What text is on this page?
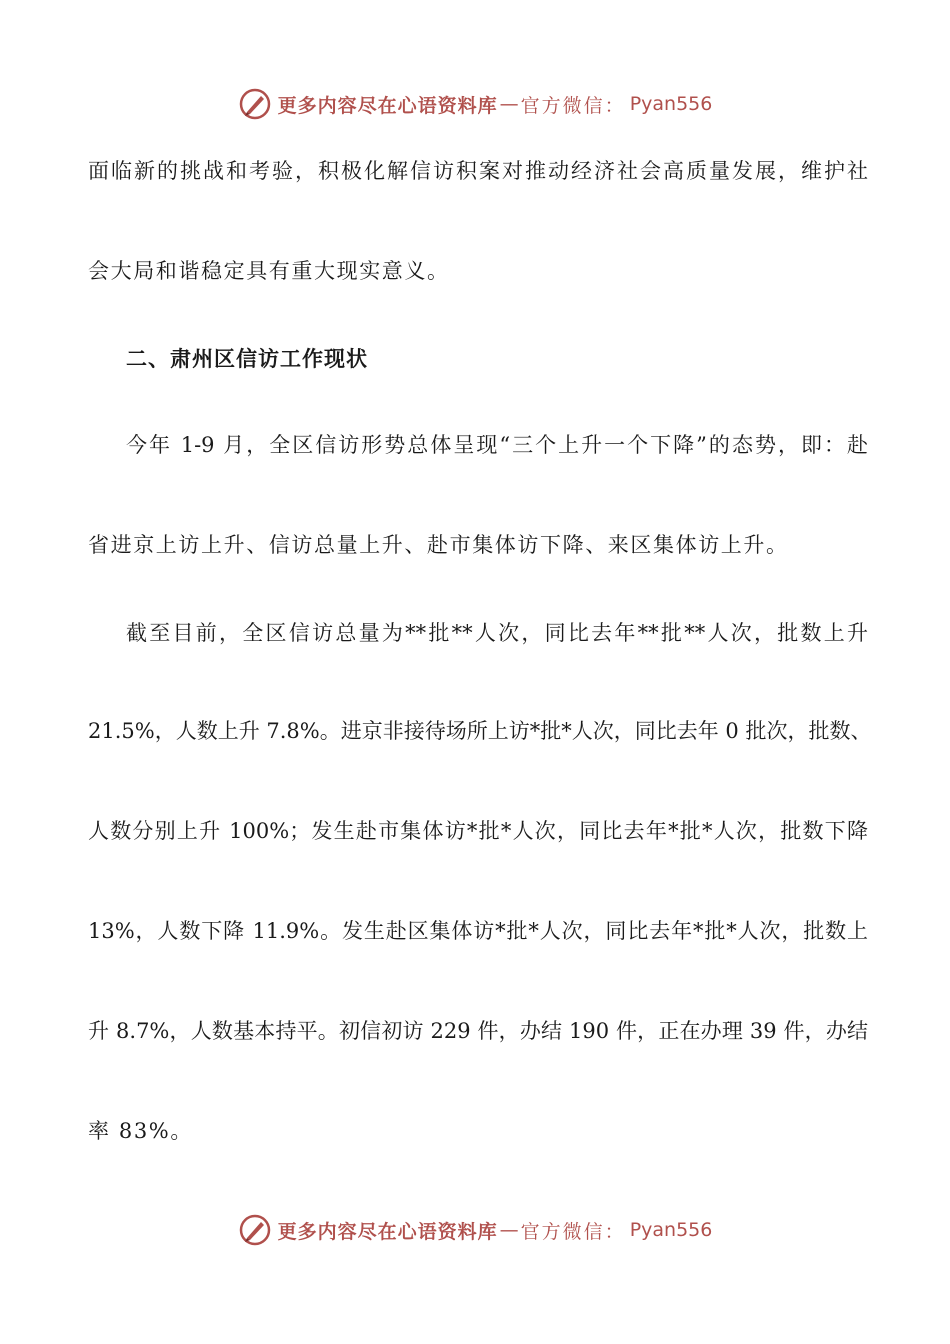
更多内容尽在心语资料库 — 官方微信： Pyan556
面临新的挑战和考验，积极化解信访积案对推动经济社会高质量发展，维护社
会大局和谐稳定具有重大现实意义。
二、肃州区信访工作现状
今年 1-9 月，全区信访形势总体呈现“三个上升一个下降”的态势，即：赴
省进京上访上升、信访总量上升、赴市集体访下降、来区集体访上升。
截至目前，全区信访总量为**批**人次，同比去年**批**人次，批数上升
21.5%，人数上升 7.8%。进京非接待场所上访*批*人次，同比去年 0 批次，批数、
人数分别上升 100%；发生赴市集体访*批*人次，同比去年*批*人次，批数下降
13%，人数下降 11.9%。发生赴区集体访*批*人次，同比去年*批*人次，批数上
升 8.7%，人数基本持平。初信初访 229 件，办结 190 件，正在办理 39 件，办结
率 83%。
更多内容尽在心语资料库 — 官方微信： Pyan556
